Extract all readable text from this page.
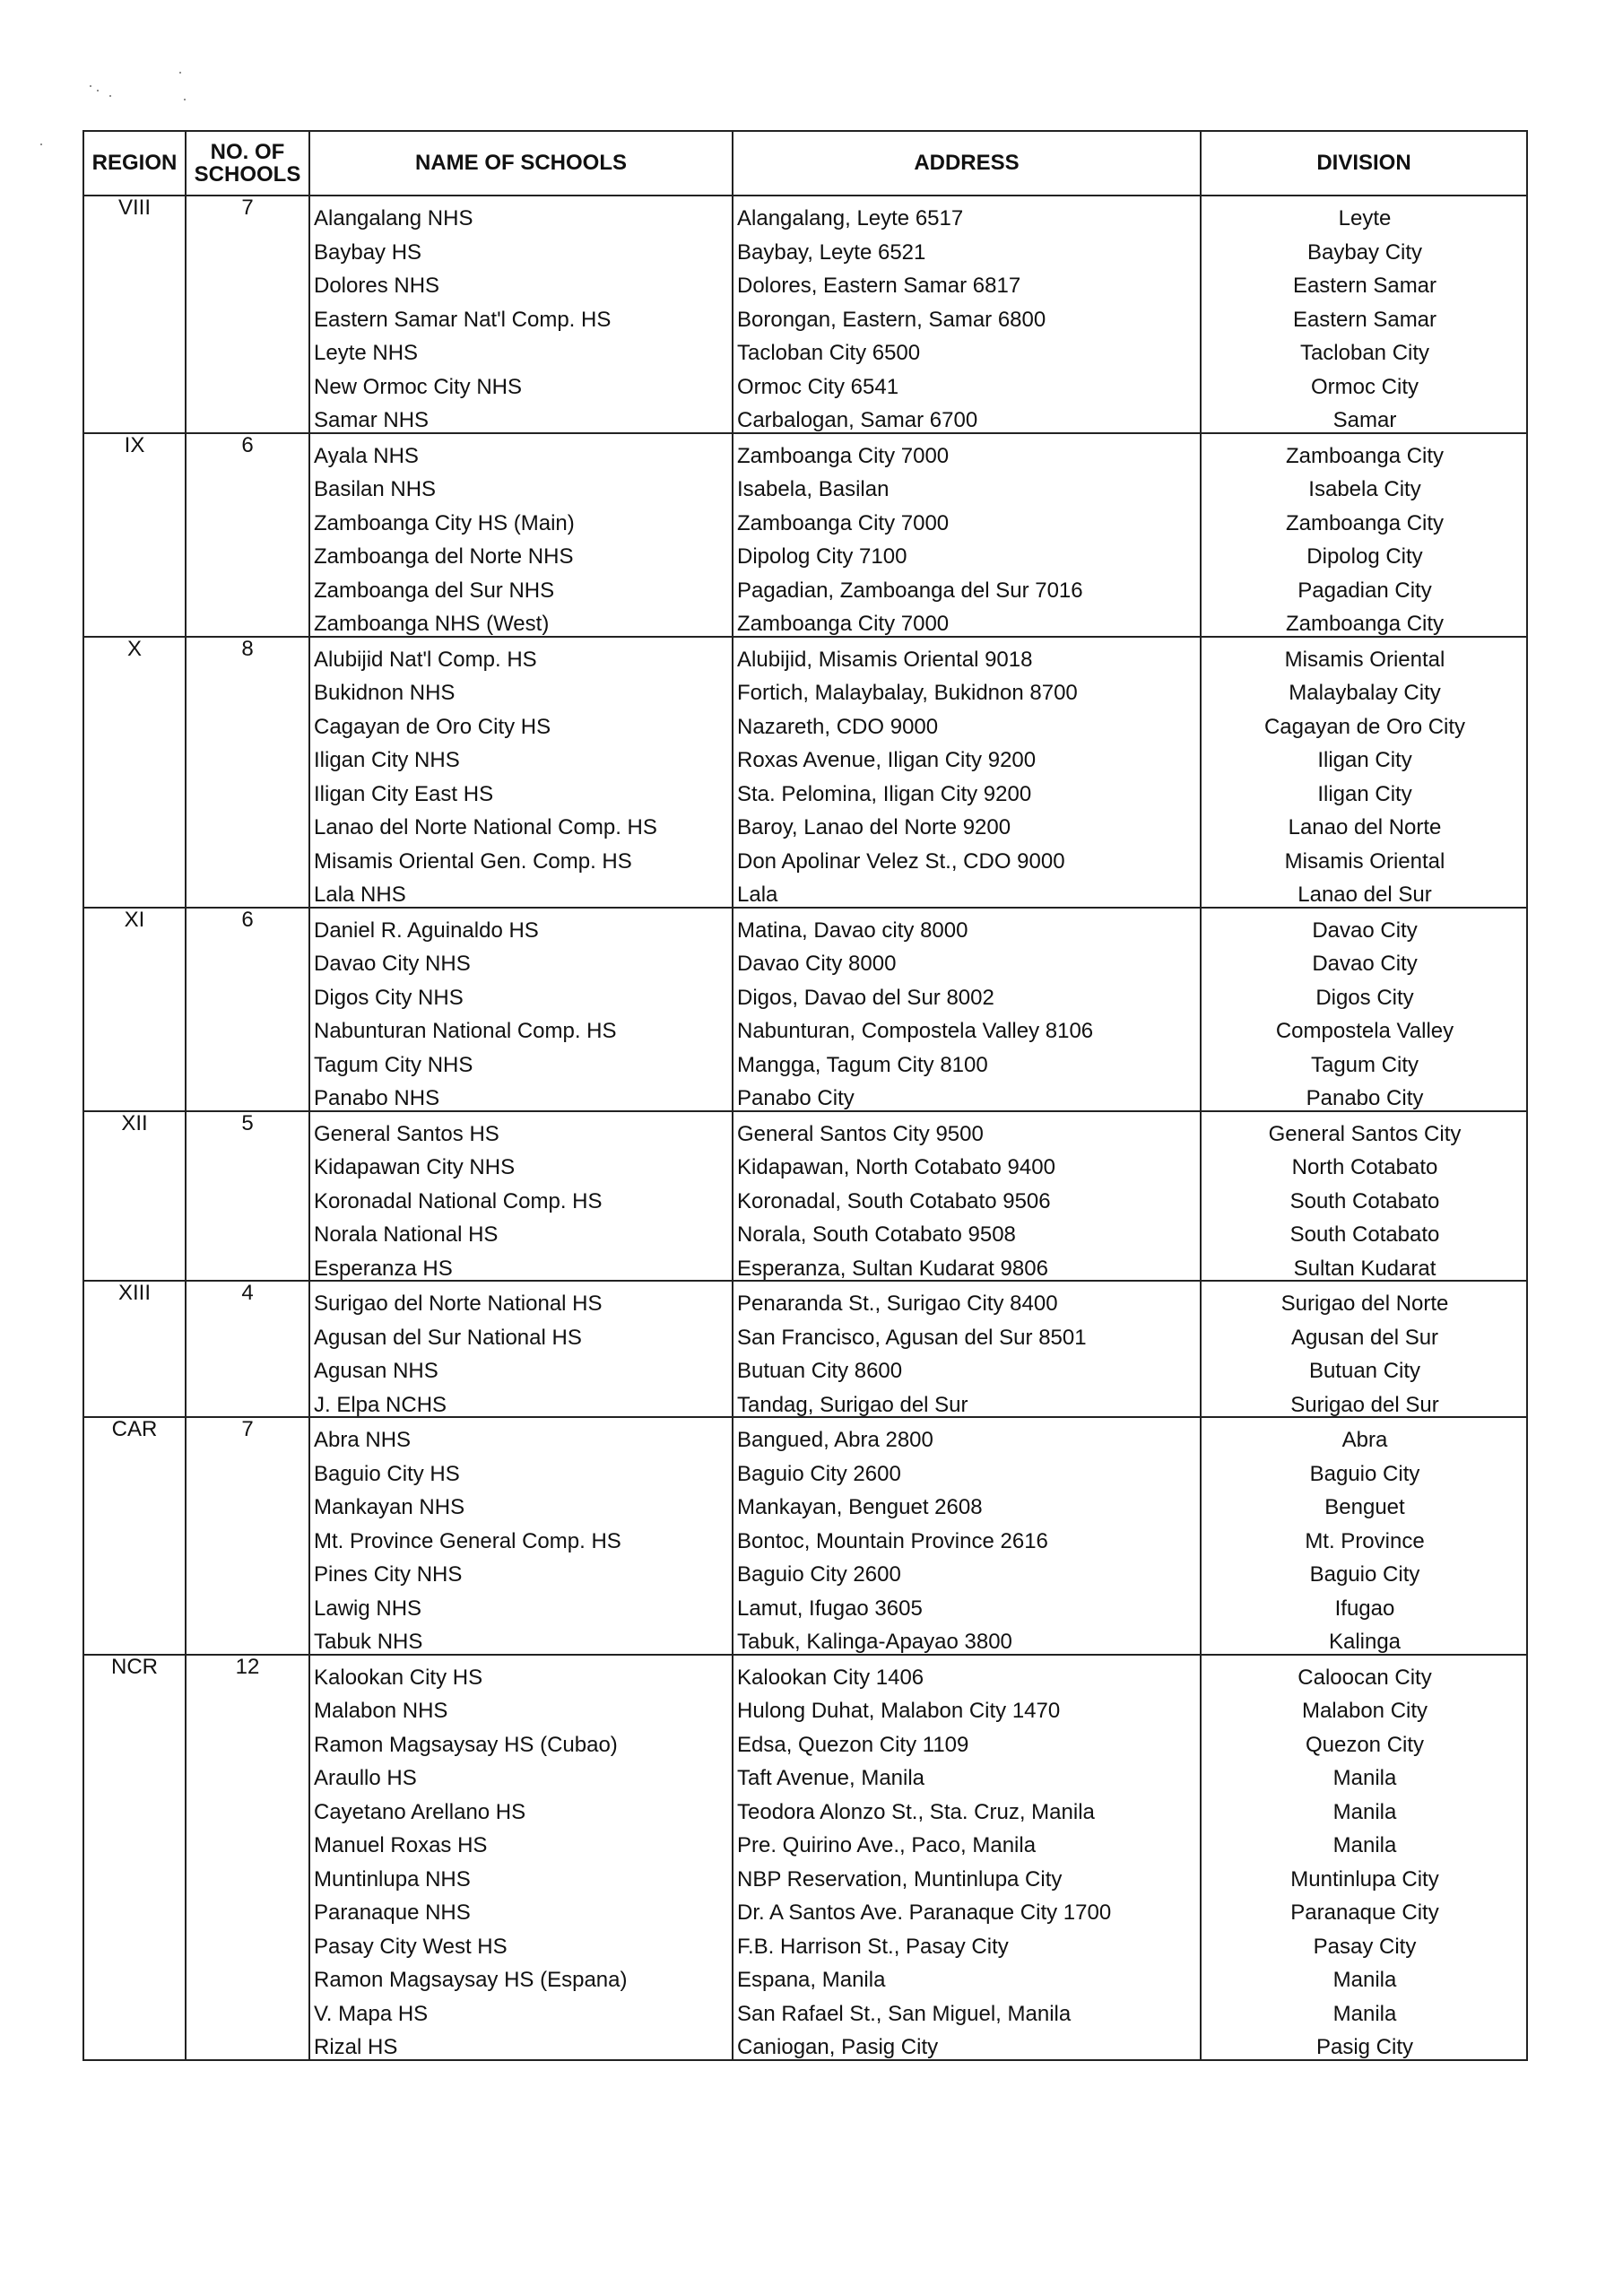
REGION	NO. OF SCHOOLS	NAME OF SCHOOLS	ADDRESS	DIVISION
VIII	7	Alangalang NHS	Alangalang, Leyte 6517	Leyte
		Baybay HS	Baybay, Leyte 6521	Baybay City
		Dolores NHS	Dolores, Eastern Samar 6817	Eastern Samar
		Eastern Samar Nat'l Comp. HS	Borongan, Eastern, Samar 6800	Eastern Samar
		Leyte NHS	Tacloban City 6500	Tacloban City
		New Ormoc City NHS	Ormoc City 6541	Ormoc City
		Samar NHS	Carbalogan, Samar 6700	Samar
IX	6	Ayala NHS	Zamboanga City 7000	Zamboanga City
		Basilan NHS	Isabela, Basilan	Isabela City
		Zamboanga City HS (Main)	Zamboanga City 7000	Zamboanga City
		Zamboanga del Norte NHS	Dipolog City 7100	Dipolog City
		Zamboanga del Sur NHS	Pagadian, Zamboanga del Sur 7016	Pagadian City
		Zamboanga NHS (West)	Zamboanga City 7000	Zamboanga City
X	8	Alubijid Nat'l Comp. HS	Alubijid, Misamis Oriental 9018	Misamis Oriental
		Bukidnon NHS	Fortich, Malaybalay, Bukidnon 8700	Malaybalay City
		Cagayan de Oro City HS	Nazareth, CDO 9000	Cagayan de Oro City
		Iligan City NHS	Roxas Avenue, Iligan City 9200	Iligan City
		Iligan City East HS	Sta. Pelomina, Iligan City 9200	Iligan City
		Lanao del Norte National Comp. HS	Baroy, Lanao del Norte 9200	Lanao del Norte
		Misamis Oriental Gen. Comp. HS	Don Apolinar Velez St., CDO 9000	Misamis Oriental
		Lala NHS	Lala	Lanao del Sur
XI	6	Daniel R. Aguinaldo HS	Matina, Davao city 8000	Davao City
		Davao City NHS	Davao City 8000	Davao City
		Digos City NHS	Digos, Davao del Sur 8002	Digos City
		Nabunturan National Comp. HS	Nabunturan, Compostela Valley 8106	Compostela Valley
		Tagum City NHS	Mangga, Tagum City 8100	Tagum City
		Panabo NHS	Panabo City	Panabo City
XII	5	General Santos HS	General Santos City 9500	General Santos City
		Kidapawan City NHS	Kidapawan, North Cotabato 9400	North Cotabato
		Koronadal National Comp. HS	Koronadal, South Cotabato 9506	South Cotabato
		Norala National HS	Norala, South Cotabato 9508	South Cotabato
		Esperanza HS	Esperanza, Sultan Kudarat 9806	Sultan Kudarat
XIII	4	Surigao del Norte National HS	Penaranda St., Surigao City 8400	Surigao del Norte
		Agusan del Sur National HS	San Francisco, Agusan del Sur 8501	Agusan del Sur
		Agusan NHS	Butuan City 8600	Butuan City
		J. Elpa NCHS	Tandag, Surigao del Sur	Surigao del Sur
CAR	7	Abra NHS	Bangued, Abra 2800	Abra
		Baguio City HS	Baguio City 2600	Baguio City
		Mankayan NHS	Mankayan, Benguet 2608	Benguet
		Mt. Province General Comp. HS	Bontoc, Mountain Province 2616	Mt. Province
		Pines City NHS	Baguio City 2600	Baguio City
		Lawig NHS	Lamut, Ifugao 3605	Ifugao
		Tabuk NHS	Tabuk, Kalinga-Apayao 3800	Kalinga
NCR	12	Kalookan City HS	Kalookan City 1406	Caloocan City
		Malabon NHS	Hulong Duhat, Malabon City 1470	Malabon City
		Ramon Magsaysay HS (Cubao)	Edsa, Quezon City 1109	Quezon City
		Araullo HS	Taft Avenue, Manila	Manila
		Cayetano Arellano HS	Teodora Alonzo St., Sta. Cruz, Manila	Manila
		Manuel Roxas HS	Pre. Quirino Ave., Paco, Manila	Manila
		Muntinlupa NHS	NBP Reservation, Muntinlupa City	Muntinlupa City
		Paranaque NHS	Dr. A Santos Ave. Paranaque City 1700	Paranaque City
		Pasay City West HS	F.B. Harrison St., Pasay City	Pasay City
		Ramon Magsaysay HS (Espana)	Espana, Manila	Manila
		V. Mapa HS	San Rafael St., San Miguel, Manila	Manila
		Rizal HS	Caniogan, Pasig City	Pasig City
